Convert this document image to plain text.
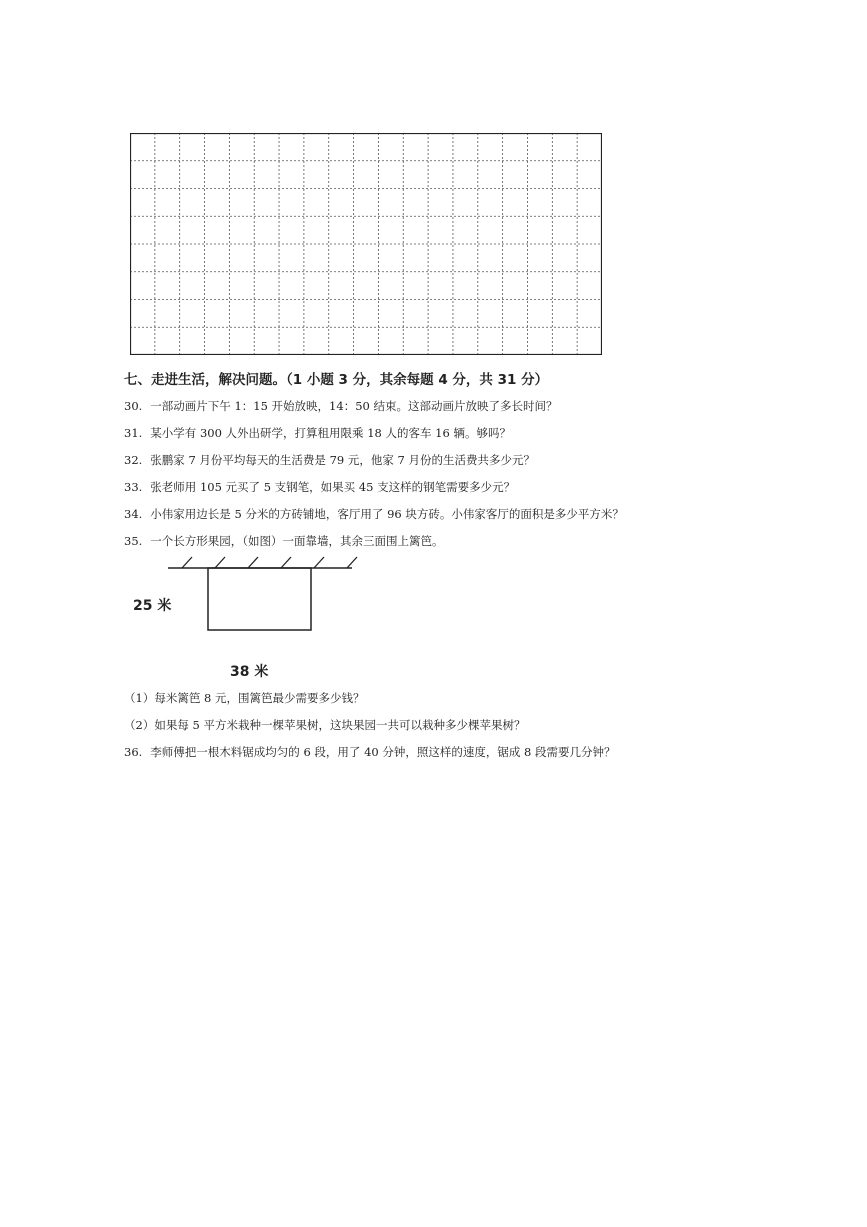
七、走进生活，解决问题。（1 小题 3 分，其余每题 4 分，共 31 分）
30. 一部动画片下午 1：15 开始放映，14：50 结束。这部动画片放映了多长时间？
31. 某小学有 300 人外出研学，打算租用限乘 18 人的客车 16 辆。够吗？
32. 张鹏家 7 月份平均每天的生活费是 79 元，他家 7 月份的生活费共多少元？
33. 张老师用 105 元买了 5 支钢笔，如果买 45 支这样的钢笔需要多少元？
34. 小伟家用边长是 5 分米的方砖铺地，客厅用了 96 块方砖。小伟家客厅的面积是多少平方米？
35. 一个长方形果园，（如图）一面靠墙，其余三面围上篱笆。
25 米
38 米
（1）每米篱笆 8 元，围篱笆最少需要多少钱？
（2）如果每 5 平方米栽种一棵苹果树，这块果园一共可以栽种多少棵苹果树？
36. 李师傅把一根木料锯成均匀的 6 段，用了 40 分钟，照这样的速度，锯成 8 段需要几分钟？
